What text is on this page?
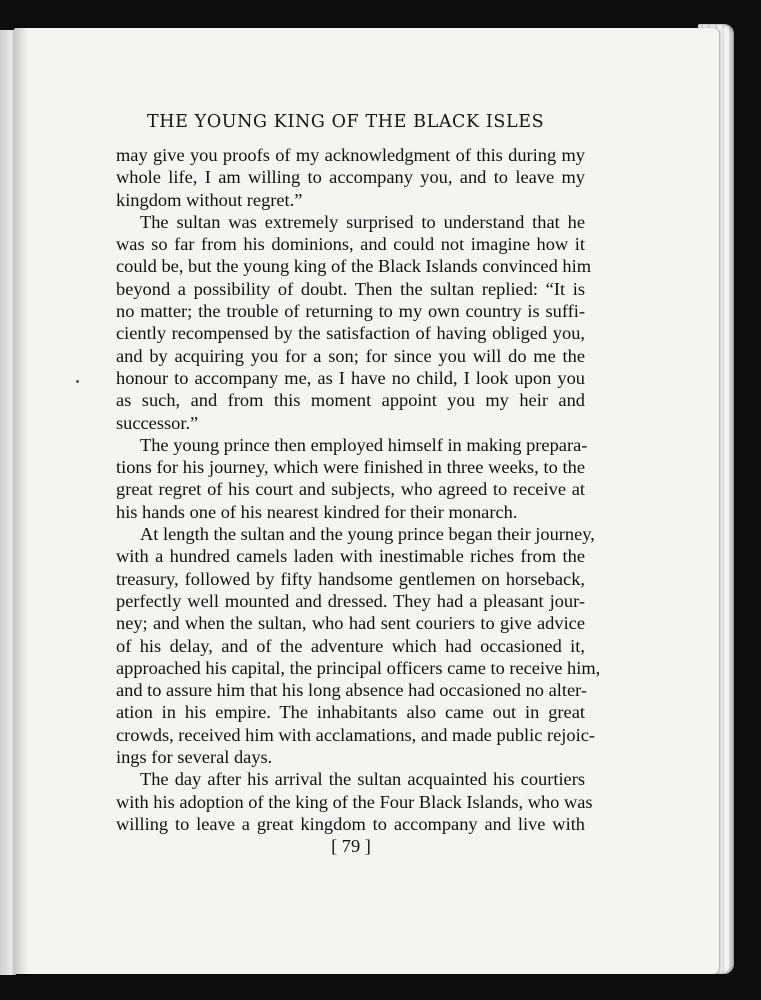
THE YOUNG KING OF THE BLACK ISLES
may give you proofs of my acknowledgment of this during my
whole life, I am willing to accompany you, and to leave my
kingdom without regret.”
The sultan was extremely surprised to understand that he
was so far from his dominions, and could not imagine how it
could be, but the young king of the Black Islands convinced him
beyond a possibility of doubt. Then the sultan replied: “It is
no matter; the trouble of returning to my own country is suffi-
ciently recompensed by the satisfaction of having obliged you,
and by acquiring you for a son; for since you will do me the
honour to accompany me, as I have no child, I look upon you
as such, and from this moment appoint you my heir and
successor.”
The young prince then employed himself in making prepara-
tions for his journey, which were finished in three weeks, to the
great regret of his court and subjects, who agreed to receive at
his hands one of his nearest kindred for their monarch.
At length the sultan and the young prince began their journey,
with a hundred camels laden with inestimable riches from the
treasury, followed by fifty handsome gentlemen on horseback,
perfectly well mounted and dressed. They had a pleasant jour-
ney; and when the sultan, who had sent couriers to give advice
of his delay, and of the adventure which had occasioned it,
approached his capital, the principal officers came to receive him,
and to assure him that his long absence had occasioned no alter-
ation in his empire. The inhabitants also came out in great
crowds, received him with acclamations, and made public rejoic-
ings for several days.
The day after his arrival the sultan acquainted his courtiers
with his adoption of the king of the Four Black Islands, who was
willing to leave a great kingdom to accompany and live with
[ 79 ]
